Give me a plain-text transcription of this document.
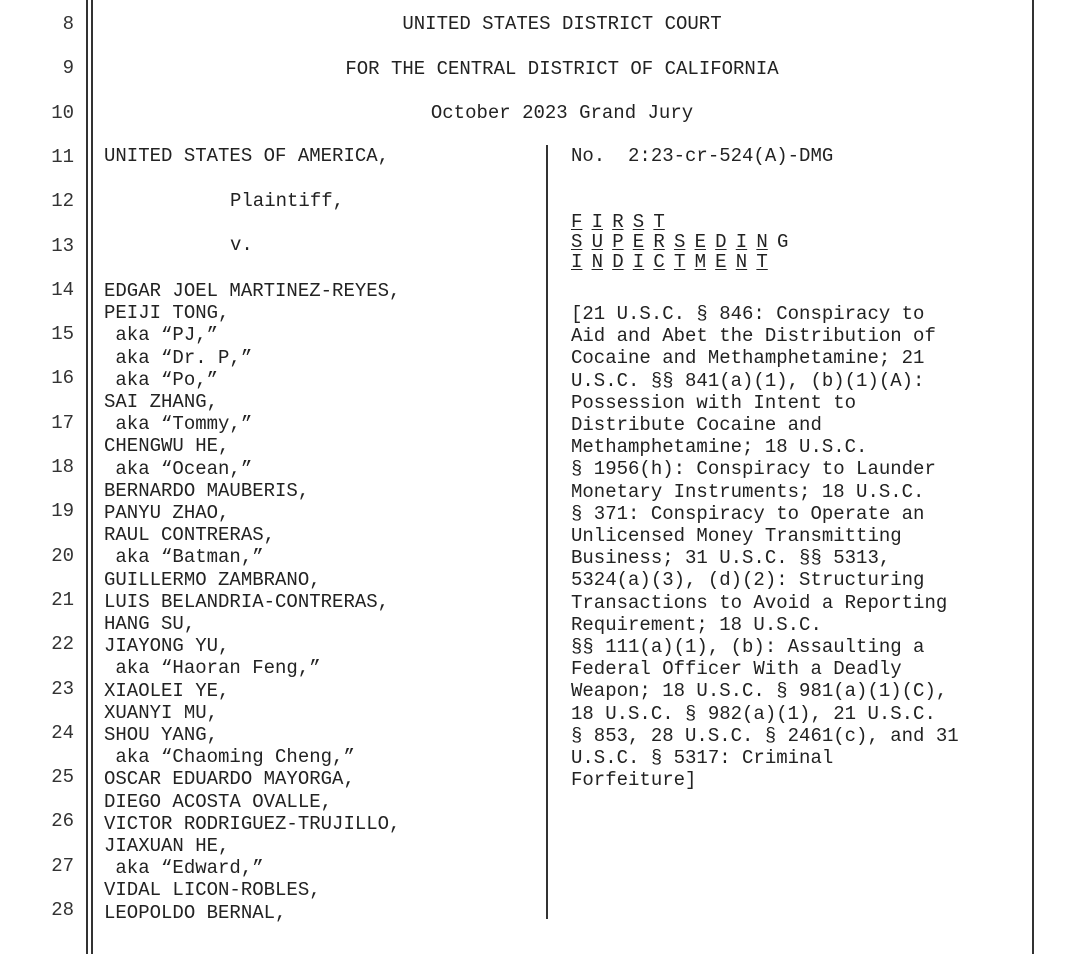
8
9
10
11
12
13
14
15
16
17
18
19
20
21
22
23
24
25
26
27
28
UNITED STATES DISTRICT COURT
FOR THE CENTRAL DISTRICT OF CALIFORNIA
October 2023 Grand Jury
UNITED STATES OF AMERICA,
Plaintiff,
v.
No.  2:23-cr-524(A)-DMG
EDGAR JOEL MARTINEZ-REYES,
PEIJI TONG,
aka “PJ,”
aka “Dr. P,”
aka “Po,”
SAI ZHANG,
aka “Tommy,”
CHENGWU HE,
aka “Ocean,”
BERNARDO MAUBERIS,
PANYU ZHAO,
RAUL CONTRERAS,
aka “Batman,”
GUILLERMO ZAMBRANO,
LUIS BELANDRIA-CONTRERAS,
HANG SU,
JIAYONG YU,
aka “Haoran Feng,”
XIAOLEI YE,
XUANYI MU,
SHOU YANG,
aka “Chaoming Cheng,”
OSCAR EDUARDO MAYORGA,
DIEGO ACOSTA OVALLE,
VICTOR RODRIGUEZ-TRUJILLO,
JIAXUAN HE,
aka “Edward,”
VIDAL LICON-ROBLES,
LEOPOLDO BERNAL,
F I R S T
S U P E R S E D I N G
I N D I C T M E N T
[21 U.S.C. § 846: Conspiracy to
Aid and Abet the Distribution of
Cocaine and Methamphetamine; 21
U.S.C. §§ 841(a)(1), (b)(1)(A):
Possession with Intent to
Distribute Cocaine and
Methamphetamine; 18 U.S.C.
§ 1956(h): Conspiracy to Launder
Monetary Instruments; 18 U.S.C.
§ 371: Conspiracy to Operate an
Unlicensed Money Transmitting
Business; 31 U.S.C. §§ 5313,
5324(a)(3), (d)(2): Structuring
Transactions to Avoid a Reporting
Requirement; 18 U.S.C.
§§ 111(a)(1), (b): Assaulting a
Federal Officer With a Deadly
Weapon; 18 U.S.C. § 981(a)(1)(C),
18 U.S.C. § 982(a)(1), 21 U.S.C.
§ 853, 28 U.S.C. § 2461(c), and 31
U.S.C. § 5317: Criminal
Forfeiture]
